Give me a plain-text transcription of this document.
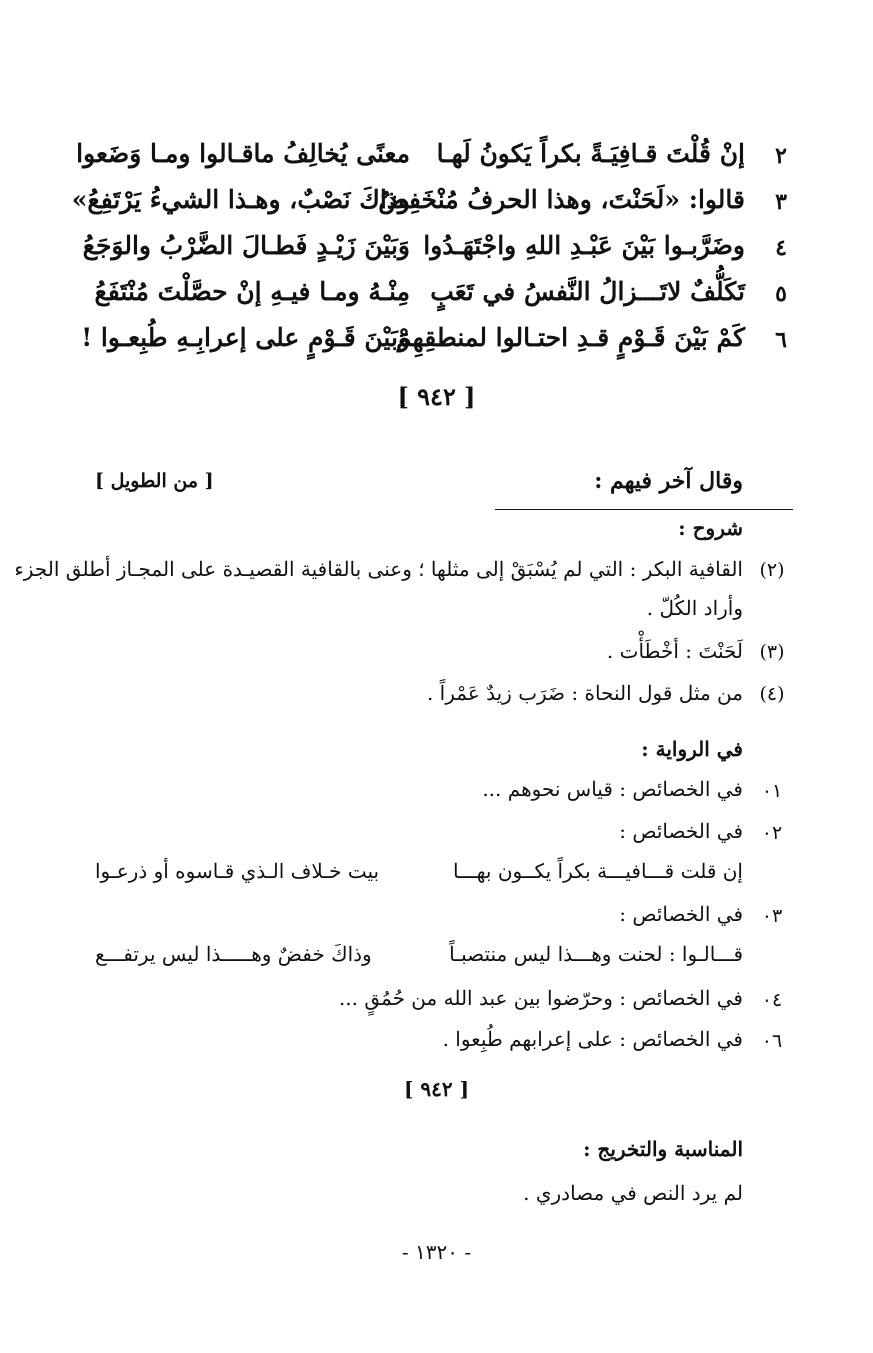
٢
إنْ قُلْتَ قـافِيَـةً بكراً يَكونُ لَهـا
معنًى يُخالِفُ ماقـالوا ومـا وَضَعوا
٣
قالوا: «لَحَنْتَ، وهذا الحرفُ مُنْخَفِضٌ
وذاكَ نَصْبٌ، وهـذا الشيءُ يَرْتَفِعُ»
٤
وضَرَّبـوا بَيْنَ عَبْـدِ اللهِ واجْتَهَـدُوا
وَبَيْنَ زَيْـدٍ فَطـالَ الضَّرْبُ والوَجَعُ
٥
تَكَلُّفٌ لاتَـــزالُ النَّفسُ في تَعَبٍ
مِنْـهُ ومـا فيـهِ إنْ حصَّلْتَ مُنْتَفَعُ
٦
كَمْ بَيْنَ قَـوْمٍ قـدِ احتـالوا لمنطقِهِمْ
وَبَيْنَ قَـوْمٍ على إعرابِـهِ طُبِعـوا !
[ ٩٤٢ ]
وقال آخر فيهم :
[ من الطويل ]
شروح :
(٢)
القافية البكر : التي لم يُسْبَقْ إلى مثلها ؛ وعنى بالقافية القصيـدة على المجـاز أطلق الجزء
وأراد الكُلّ .
(٣)
لَحَنْتَ : أخْطَأْت .
(٤)
من مثل قول النحاة : ضَرَب زيدٌ عَمْراً .
في الرواية :
٠١
في الخصائص : قياس نحوهم ...
٠٢
في الخصائص :
إن قلت قـــافيـــة بكراً يكــون بهـــا
بيت خـلاف الـذي قـاسوه أو ذرعـوا
٠٣
في الخصائص :
قـــالـوا : لحنت وهـــذا ليس منتصبـاً
وذاكَ خفضٌ وهـــــذا ليس يرتفـــع
٠٤
في الخصائص : وحرّضوا بين عبد الله من حُمُقٍ ...
٠٦
في الخصائص : على إعرابهم طُبِعوا .
[ ٩٤٢ ]
المناسبة والتخريج :
لم يرد النص في مصادري .
- ١٣٢٠ -
